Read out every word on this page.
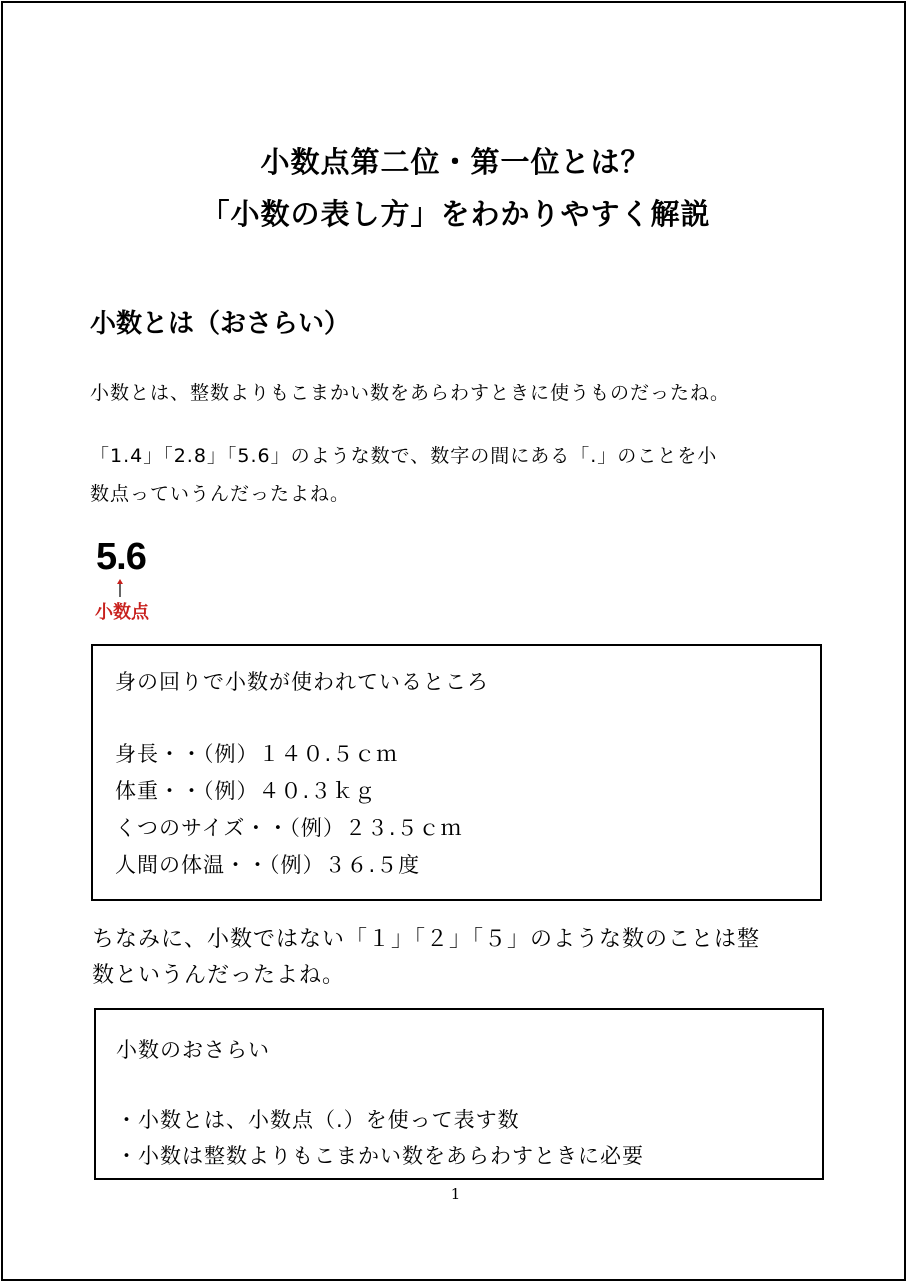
小数点第二位・第一位とは？
「小数の表し方」をわかりやすく解説
小数とは（おさらい）
小数とは、整数よりもこまかい数をあらわすときに使うものだったね。
「1.4」「2.8」「5.6」のような数で、数字の間にある「.」のことを小
数点っていうんだったよね。
5.6
小数点
身の回りで小数が使われているところ
身長・・（例）１４０.５ｃｍ
体重・・（例）４０.３ｋｇ
くつのサイズ・・（例）２３.５ｃｍ
人間の体温・・（例）３６.５度
ちなみに、小数ではない「１」「２」「５」のような数のことは整
数というんだったよね。
小数のおさらい
・小数とは、小数点（.）を使って表す数
・小数は整数よりもこまかい数をあらわすときに必要
1
